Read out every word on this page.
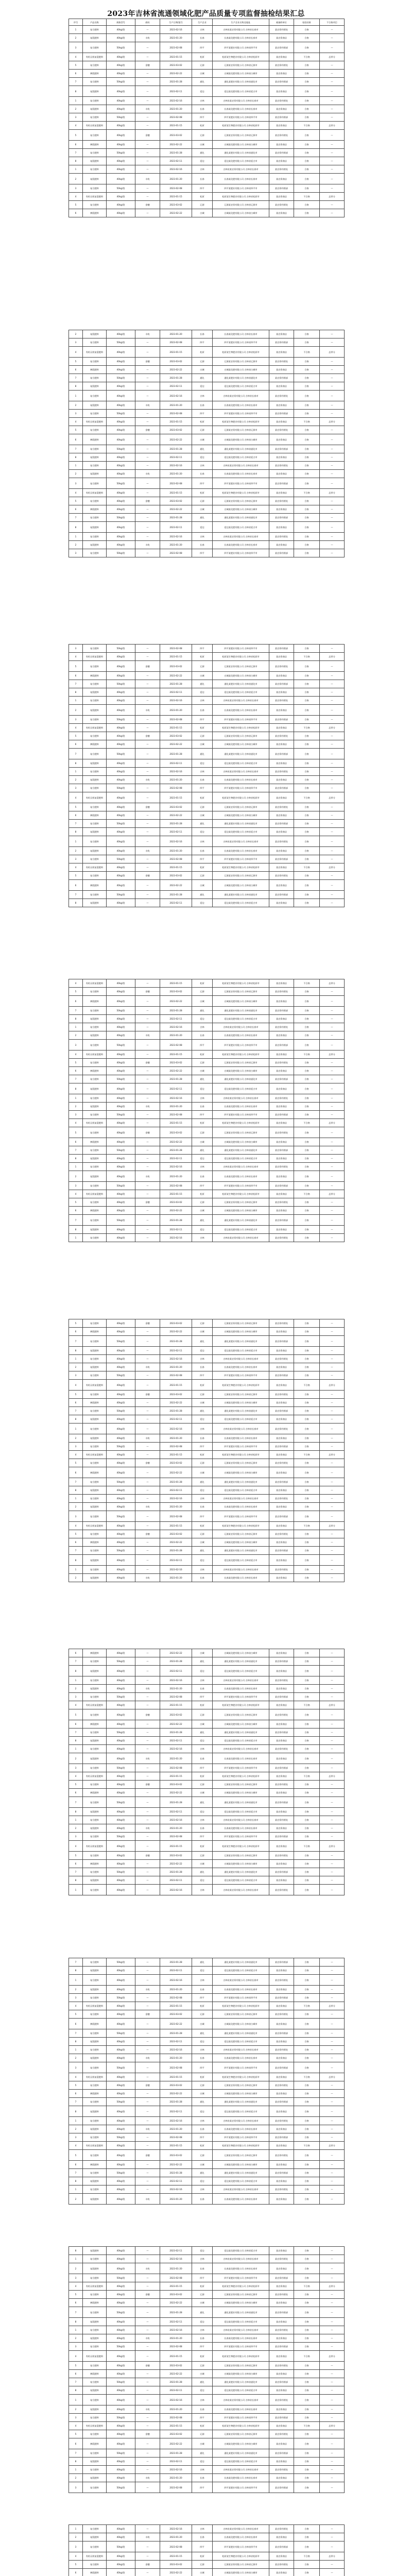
2023年吉林省流通领域化肥产品质量专项监督抽检结果汇总
序号	产品名称	规格型号	商标	生产日期/批号	生产企业	生产企业名称及地址	被抽样单位	检验结果	不合格项目
1	复合肥料	40kg/袋	—	2023-02-16	吉林	吉林省某农资有限公司 吉林省长春市	某农资经销处	合格	—
2	复混肥料	40kg/袋	丰收	2023-01-20	长春	长春某化肥有限公司 吉林省长春市	某农资商店	合格	—
3	复合肥料	50kg/袋	—	2023-02-08	四平	四平某肥业有限公司 吉林省四平市	某农资经销部	合格	—
4	有机无机复混肥料	40kg/袋	—	2023-01-15	松原	松原某生物肥业有限公司 吉林省松原市	某农资商店	不合格	总养分
5	复合肥料	40kg/袋	金穗	2023-03-02	辽源	辽源某农资有限公司 吉林省辽源市	某农资经销处	合格	—
6	掺混肥料	40kg/袋	—	2023-02-22	白城	白城某化肥有限公司 吉林省白城市	某农资商店	合格	—
7	复合肥料	50kg/袋	—	2023-01-28	通化	通化某肥业有限公司 吉林省通化市	某农资经销部	合格	—
8	复混肥料	40kg/袋	—	2023-02-11	延边	延边某化肥有限公司 吉林省延吉市	某农资商店	合格	—
1	复合肥料	40kg/袋	—	2023-02-16	吉林	吉林省某农资有限公司 吉林省长春市	某农资经销处	合格	—
2	复混肥料	40kg/袋	丰收	2023-01-20	长春	长春某化肥有限公司 吉林省长春市	某农资商店	合格	—
3	复合肥料	50kg/袋	—	2023-02-08	四平	四平某肥业有限公司 吉林省四平市	某农资经销部	合格	—
4	有机无机复混肥料	40kg/袋	—	2023-01-15	松原	松原某生物肥业有限公司 吉林省松原市	某农资商店	不合格	总养分
5	复合肥料	40kg/袋	金穗	2023-03-02	辽源	辽源某农资有限公司 吉林省辽源市	某农资经销处	合格	—
6	掺混肥料	40kg/袋	—	2023-02-22	白城	白城某化肥有限公司 吉林省白城市	某农资商店	合格	—
7	复合肥料	50kg/袋	—	2023-01-28	通化	通化某肥业有限公司 吉林省通化市	某农资经销部	合格	—
8	复混肥料	40kg/袋	—	2023-02-11	延边	延边某化肥有限公司 吉林省延吉市	某农资商店	合格	—
1	复合肥料	40kg/袋	—	2023-02-16	吉林	吉林省某农资有限公司 吉林省长春市	某农资经销处	合格	—
2	复混肥料	40kg/袋	丰收	2023-01-20	长春	长春某化肥有限公司 吉林省长春市	某农资商店	合格	—
3	复合肥料	50kg/袋	—	2023-02-08	四平	四平某肥业有限公司 吉林省四平市	某农资经销部	合格	—
4	有机无机复混肥料	40kg/袋	—	2023-01-15	松原	松原某生物肥业有限公司 吉林省松原市	某农资商店	不合格	总养分
5	复合肥料	40kg/袋	金穗	2023-03-02	辽源	辽源某农资有限公司 吉林省辽源市	某农资经销处	合格	—
6	掺混肥料	40kg/袋	—	2023-02-22	白城	白城某化肥有限公司 吉林省白城市	某农资商店	合格	—
2	复混肥料	40kg/袋	丰收	2023-01-20	长春	长春某化肥有限公司 吉林省长春市	某农资商店	合格	—
3	复合肥料	50kg/袋	—	2023-02-08	四平	四平某肥业有限公司 吉林省四平市	某农资经销部	合格	—
4	有机无机复混肥料	40kg/袋	—	2023-01-15	松原	松原某生物肥业有限公司 吉林省松原市	某农资商店	不合格	总养分
5	复合肥料	40kg/袋	金穗	2023-03-02	辽源	辽源某农资有限公司 吉林省辽源市	某农资经销处	合格	—
6	掺混肥料	40kg/袋	—	2023-02-22	白城	白城某化肥有限公司 吉林省白城市	某农资商店	合格	—
7	复合肥料	50kg/袋	—	2023-01-28	通化	通化某肥业有限公司 吉林省通化市	某农资经销部	合格	—
8	复混肥料	40kg/袋	—	2023-02-11	延边	延边某化肥有限公司 吉林省延吉市	某农资商店	合格	—
1	复合肥料	40kg/袋	—	2023-02-16	吉林	吉林省某农资有限公司 吉林省长春市	某农资经销处	合格	—
2	复混肥料	40kg/袋	丰收	2023-01-20	长春	长春某化肥有限公司 吉林省长春市	某农资商店	合格	—
3	复合肥料	50kg/袋	—	2023-02-08	四平	四平某肥业有限公司 吉林省四平市	某农资经销部	合格	—
4	有机无机复混肥料	40kg/袋	—	2023-01-15	松原	松原某生物肥业有限公司 吉林省松原市	某农资商店	不合格	总养分
5	复合肥料	40kg/袋	金穗	2023-03-02	辽源	辽源某农资有限公司 吉林省辽源市	某农资经销处	合格	—
6	掺混肥料	40kg/袋	—	2023-02-22	白城	白城某化肥有限公司 吉林省白城市	某农资商店	合格	—
7	复合肥料	50kg/袋	—	2023-01-28	通化	通化某肥业有限公司 吉林省通化市	某农资经销部	合格	—
8	复混肥料	40kg/袋	—	2023-02-11	延边	延边某化肥有限公司 吉林省延吉市	某农资商店	合格	—
1	复合肥料	40kg/袋	—	2023-02-16	吉林	吉林省某农资有限公司 吉林省长春市	某农资经销处	合格	—
2	复混肥料	40kg/袋	丰收	2023-01-20	长春	长春某化肥有限公司 吉林省长春市	某农资商店	合格	—
3	复合肥料	50kg/袋	—	2023-02-08	四平	四平某肥业有限公司 吉林省四平市	某农资经销部	合格	—
4	有机无机复混肥料	40kg/袋	—	2023-01-15	松原	松原某生物肥业有限公司 吉林省松原市	某农资商店	不合格	总养分
5	复合肥料	40kg/袋	金穗	2023-03-02	辽源	辽源某农资有限公司 吉林省辽源市	某农资经销处	合格	—
6	掺混肥料	40kg/袋	—	2023-02-22	白城	白城某化肥有限公司 吉林省白城市	某农资商店	合格	—
7	复合肥料	50kg/袋	—	2023-01-28	通化	通化某肥业有限公司 吉林省通化市	某农资经销部	合格	—
8	复混肥料	40kg/袋	—	2023-02-11	延边	延边某化肥有限公司 吉林省延吉市	某农资商店	合格	—
1	复合肥料	40kg/袋	—	2023-02-16	吉林	吉林省某农资有限公司 吉林省长春市	某农资经销处	合格	—
2	复混肥料	40kg/袋	丰收	2023-01-20	长春	长春某化肥有限公司 吉林省长春市	某农资商店	合格	—
3	复合肥料	50kg/袋	—	2023-02-08	四平	四平某肥业有限公司 吉林省四平市	某农资经销部	合格	—
3	复合肥料	50kg/袋	—	2023-02-08	四平	四平某肥业有限公司 吉林省四平市	某农资经销部	合格	—
4	有机无机复混肥料	40kg/袋	—	2023-01-15	松原	松原某生物肥业有限公司 吉林省松原市	某农资商店	不合格	总养分
5	复合肥料	40kg/袋	金穗	2023-03-02	辽源	辽源某农资有限公司 吉林省辽源市	某农资经销处	合格	—
6	掺混肥料	40kg/袋	—	2023-02-22	白城	白城某化肥有限公司 吉林省白城市	某农资商店	合格	—
7	复合肥料	50kg/袋	—	2023-01-28	通化	通化某肥业有限公司 吉林省通化市	某农资经销部	合格	—
8	复混肥料	40kg/袋	—	2023-02-11	延边	延边某化肥有限公司 吉林省延吉市	某农资商店	合格	—
1	复合肥料	40kg/袋	—	2023-02-16	吉林	吉林省某农资有限公司 吉林省长春市	某农资经销处	合格	—
2	复混肥料	40kg/袋	丰收	2023-01-20	长春	长春某化肥有限公司 吉林省长春市	某农资商店	合格	—
3	复合肥料	50kg/袋	—	2023-02-08	四平	四平某肥业有限公司 吉林省四平市	某农资经销部	合格	—
4	有机无机复混肥料	40kg/袋	—	2023-01-15	松原	松原某生物肥业有限公司 吉林省松原市	某农资商店	不合格	总养分
5	复合肥料	40kg/袋	金穗	2023-03-02	辽源	辽源某农资有限公司 吉林省辽源市	某农资经销处	合格	—
6	掺混肥料	40kg/袋	—	2023-02-22	白城	白城某化肥有限公司 吉林省白城市	某农资商店	合格	—
7	复合肥料	50kg/袋	—	2023-01-28	通化	通化某肥业有限公司 吉林省通化市	某农资经销部	合格	—
8	复混肥料	40kg/袋	—	2023-02-11	延边	延边某化肥有限公司 吉林省延吉市	某农资商店	合格	—
1	复合肥料	40kg/袋	—	2023-02-16	吉林	吉林省某农资有限公司 吉林省长春市	某农资经销处	合格	—
2	复混肥料	40kg/袋	丰收	2023-01-20	长春	长春某化肥有限公司 吉林省长春市	某农资商店	合格	—
3	复合肥料	50kg/袋	—	2023-02-08	四平	四平某肥业有限公司 吉林省四平市	某农资经销部	合格	—
4	有机无机复混肥料	40kg/袋	—	2023-01-15	松原	松原某生物肥业有限公司 吉林省松原市	某农资商店	不合格	总养分
5	复合肥料	40kg/袋	金穗	2023-03-02	辽源	辽源某农资有限公司 吉林省辽源市	某农资经销处	合格	—
6	掺混肥料	40kg/袋	—	2023-02-22	白城	白城某化肥有限公司 吉林省白城市	某农资商店	合格	—
7	复合肥料	50kg/袋	—	2023-01-28	通化	通化某肥业有限公司 吉林省通化市	某农资经销部	合格	—
8	复混肥料	40kg/袋	—	2023-02-11	延边	延边某化肥有限公司 吉林省延吉市	某农资商店	合格	—
1	复合肥料	40kg/袋	—	2023-02-16	吉林	吉林省某农资有限公司 吉林省长春市	某农资经销处	合格	—
2	复混肥料	40kg/袋	丰收	2023-01-20	长春	长春某化肥有限公司 吉林省长春市	某农资商店	合格	—
3	复合肥料	50kg/袋	—	2023-02-08	四平	四平某肥业有限公司 吉林省四平市	某农资经销部	合格	—
4	有机无机复混肥料	40kg/袋	—	2023-01-15	松原	松原某生物肥业有限公司 吉林省松原市	某农资商店	不合格	总养分
5	复合肥料	40kg/袋	金穗	2023-03-02	辽源	辽源某农资有限公司 吉林省辽源市	某农资经销处	合格	—
6	掺混肥料	40kg/袋	—	2023-02-22	白城	白城某化肥有限公司 吉林省白城市	某农资商店	合格	—
7	复合肥料	50kg/袋	—	2023-01-28	通化	通化某肥业有限公司 吉林省通化市	某农资经销部	合格	—
8	复混肥料	40kg/袋	—	2023-02-11	延边	延边某化肥有限公司 吉林省延吉市	某农资商店	合格	—
4	有机无机复混肥料	40kg/袋	—	2023-01-15	松原	松原某生物肥业有限公司 吉林省松原市	某农资商店	不合格	总养分
5	复合肥料	40kg/袋	金穗	2023-03-02	辽源	辽源某农资有限公司 吉林省辽源市	某农资经销处	合格	—
6	掺混肥料	40kg/袋	—	2023-02-22	白城	白城某化肥有限公司 吉林省白城市	某农资商店	合格	—
7	复合肥料	50kg/袋	—	2023-01-28	通化	通化某肥业有限公司 吉林省通化市	某农资经销部	合格	—
8	复混肥料	40kg/袋	—	2023-02-11	延边	延边某化肥有限公司 吉林省延吉市	某农资商店	合格	—
1	复合肥料	40kg/袋	—	2023-02-16	吉林	吉林省某农资有限公司 吉林省长春市	某农资经销处	合格	—
2	复混肥料	40kg/袋	丰收	2023-01-20	长春	长春某化肥有限公司 吉林省长春市	某农资商店	合格	—
3	复合肥料	50kg/袋	—	2023-02-08	四平	四平某肥业有限公司 吉林省四平市	某农资经销部	合格	—
4	有机无机复混肥料	40kg/袋	—	2023-01-15	松原	松原某生物肥业有限公司 吉林省松原市	某农资商店	不合格	总养分
5	复合肥料	40kg/袋	金穗	2023-03-02	辽源	辽源某农资有限公司 吉林省辽源市	某农资经销处	合格	—
6	掺混肥料	40kg/袋	—	2023-02-22	白城	白城某化肥有限公司 吉林省白城市	某农资商店	合格	—
7	复合肥料	50kg/袋	—	2023-01-28	通化	通化某肥业有限公司 吉林省通化市	某农资经销部	合格	—
8	复混肥料	40kg/袋	—	2023-02-11	延边	延边某化肥有限公司 吉林省延吉市	某农资商店	合格	—
1	复合肥料	40kg/袋	—	2023-02-16	吉林	吉林省某农资有限公司 吉林省长春市	某农资经销处	合格	—
2	复混肥料	40kg/袋	丰收	2023-01-20	长春	长春某化肥有限公司 吉林省长春市	某农资商店	合格	—
3	复合肥料	50kg/袋	—	2023-02-08	四平	四平某肥业有限公司 吉林省四平市	某农资经销部	合格	—
4	有机无机复混肥料	40kg/袋	—	2023-01-15	松原	松原某生物肥业有限公司 吉林省松原市	某农资商店	不合格	总养分
5	复合肥料	40kg/袋	金穗	2023-03-02	辽源	辽源某农资有限公司 吉林省辽源市	某农资经销处	合格	—
6	掺混肥料	40kg/袋	—	2023-02-22	白城	白城某化肥有限公司 吉林省白城市	某农资商店	合格	—
7	复合肥料	50kg/袋	—	2023-01-28	通化	通化某肥业有限公司 吉林省通化市	某农资经销部	合格	—
8	复混肥料	40kg/袋	—	2023-02-11	延边	延边某化肥有限公司 吉林省延吉市	某农资商店	合格	—
1	复合肥料	40kg/袋	—	2023-02-16	吉林	吉林省某农资有限公司 吉林省长春市	某农资经销处	合格	—
2	复混肥料	40kg/袋	丰收	2023-01-20	长春	长春某化肥有限公司 吉林省长春市	某农资商店	合格	—
3	复合肥料	50kg/袋	—	2023-02-08	四平	四平某肥业有限公司 吉林省四平市	某农资经销部	合格	—
4	有机无机复混肥料	40kg/袋	—	2023-01-15	松原	松原某生物肥业有限公司 吉林省松原市	某农资商店	不合格	总养分
5	复合肥料	40kg/袋	金穗	2023-03-02	辽源	辽源某农资有限公司 吉林省辽源市	某农资经销处	合格	—
6	掺混肥料	40kg/袋	—	2023-02-22	白城	白城某化肥有限公司 吉林省白城市	某农资商店	合格	—
7	复合肥料	50kg/袋	—	2023-01-28	通化	通化某肥业有限公司 吉林省通化市	某农资经销部	合格	—
8	复混肥料	40kg/袋	—	2023-02-11	延边	延边某化肥有限公司 吉林省延吉市	某农资商店	合格	—
1	复合肥料	40kg/袋	—	2023-02-16	吉林	吉林省某农资有限公司 吉林省长春市	某农资经销处	合格	—
5	复合肥料	40kg/袋	金穗	2023-03-02	辽源	辽源某农资有限公司 吉林省辽源市	某农资经销处	合格	—
6	掺混肥料	40kg/袋	—	2023-02-22	白城	白城某化肥有限公司 吉林省白城市	某农资商店	合格	—
7	复合肥料	50kg/袋	—	2023-01-28	通化	通化某肥业有限公司 吉林省通化市	某农资经销部	合格	—
8	复混肥料	40kg/袋	—	2023-02-11	延边	延边某化肥有限公司 吉林省延吉市	某农资商店	合格	—
1	复合肥料	40kg/袋	—	2023-02-16	吉林	吉林省某农资有限公司 吉林省长春市	某农资经销处	合格	—
2	复混肥料	40kg/袋	丰收	2023-01-20	长春	长春某化肥有限公司 吉林省长春市	某农资商店	合格	—
3	复合肥料	50kg/袋	—	2023-02-08	四平	四平某肥业有限公司 吉林省四平市	某农资经销部	合格	—
4	有机无机复混肥料	40kg/袋	—	2023-01-15	松原	松原某生物肥业有限公司 吉林省松原市	某农资商店	不合格	总养分
5	复合肥料	40kg/袋	金穗	2023-03-02	辽源	辽源某农资有限公司 吉林省辽源市	某农资经销处	合格	—
6	掺混肥料	40kg/袋	—	2023-02-22	白城	白城某化肥有限公司 吉林省白城市	某农资商店	合格	—
7	复合肥料	50kg/袋	—	2023-01-28	通化	通化某肥业有限公司 吉林省通化市	某农资经销部	合格	—
8	复混肥料	40kg/袋	—	2023-02-11	延边	延边某化肥有限公司 吉林省延吉市	某农资商店	合格	—
1	复合肥料	40kg/袋	—	2023-02-16	吉林	吉林省某农资有限公司 吉林省长春市	某农资经销处	合格	—
2	复混肥料	40kg/袋	丰收	2023-01-20	长春	长春某化肥有限公司 吉林省长春市	某农资商店	合格	—
3	复合肥料	50kg/袋	—	2023-02-08	四平	四平某肥业有限公司 吉林省四平市	某农资经销部	合格	—
4	有机无机复混肥料	40kg/袋	—	2023-01-15	松原	松原某生物肥业有限公司 吉林省松原市	某农资商店	不合格	总养分
5	复合肥料	40kg/袋	金穗	2023-03-02	辽源	辽源某农资有限公司 吉林省辽源市	某农资经销处	合格	—
6	掺混肥料	40kg/袋	—	2023-02-22	白城	白城某化肥有限公司 吉林省白城市	某农资商店	合格	—
7	复合肥料	50kg/袋	—	2023-01-28	通化	通化某肥业有限公司 吉林省通化市	某农资经销部	合格	—
8	复混肥料	40kg/袋	—	2023-02-11	延边	延边某化肥有限公司 吉林省延吉市	某农资商店	合格	—
1	复合肥料	40kg/袋	—	2023-02-16	吉林	吉林省某农资有限公司 吉林省长春市	某农资经销处	合格	—
2	复混肥料	40kg/袋	丰收	2023-01-20	长春	长春某化肥有限公司 吉林省长春市	某农资商店	合格	—
3	复合肥料	50kg/袋	—	2023-02-08	四平	四平某肥业有限公司 吉林省四平市	某农资经销部	合格	—
4	有机无机复混肥料	40kg/袋	—	2023-01-15	松原	松原某生物肥业有限公司 吉林省松原市	某农资商店	不合格	总养分
5	复合肥料	40kg/袋	金穗	2023-03-02	辽源	辽源某农资有限公司 吉林省辽源市	某农资经销处	合格	—
6	掺混肥料	40kg/袋	—	2023-02-22	白城	白城某化肥有限公司 吉林省白城市	某农资商店	合格	—
7	复合肥料	50kg/袋	—	2023-01-28	通化	通化某肥业有限公司 吉林省通化市	某农资经销部	合格	—
8	复混肥料	40kg/袋	—	2023-02-11	延边	延边某化肥有限公司 吉林省延吉市	某农资商店	合格	—
1	复合肥料	40kg/袋	—	2023-02-16	吉林	吉林省某农资有限公司 吉林省长春市	某农资经销处	合格	—
2	复混肥料	40kg/袋	丰收	2023-01-20	长春	长春某化肥有限公司 吉林省长春市	某农资商店	合格	—
6	掺混肥料	40kg/袋	—	2023-02-22	白城	白城某化肥有限公司 吉林省白城市	某农资商店	合格	—
7	复合肥料	50kg/袋	—	2023-01-28	通化	通化某肥业有限公司 吉林省通化市	某农资经销部	合格	—
8	复混肥料	40kg/袋	—	2023-02-11	延边	延边某化肥有限公司 吉林省延吉市	某农资商店	合格	—
1	复合肥料	40kg/袋	—	2023-02-16	吉林	吉林省某农资有限公司 吉林省长春市	某农资经销处	合格	—
2	复混肥料	40kg/袋	丰收	2023-01-20	长春	长春某化肥有限公司 吉林省长春市	某农资商店	合格	—
3	复合肥料	50kg/袋	—	2023-02-08	四平	四平某肥业有限公司 吉林省四平市	某农资经销部	合格	—
4	有机无机复混肥料	40kg/袋	—	2023-01-15	松原	松原某生物肥业有限公司 吉林省松原市	某农资商店	不合格	总养分
5	复合肥料	40kg/袋	金穗	2023-03-02	辽源	辽源某农资有限公司 吉林省辽源市	某农资经销处	合格	—
6	掺混肥料	40kg/袋	—	2023-02-22	白城	白城某化肥有限公司 吉林省白城市	某农资商店	合格	—
7	复合肥料	50kg/袋	—	2023-01-28	通化	通化某肥业有限公司 吉林省通化市	某农资经销部	合格	—
8	复混肥料	40kg/袋	—	2023-02-11	延边	延边某化肥有限公司 吉林省延吉市	某农资商店	合格	—
1	复合肥料	40kg/袋	—	2023-02-16	吉林	吉林省某农资有限公司 吉林省长春市	某农资经销处	合格	—
2	复混肥料	40kg/袋	丰收	2023-01-20	长春	长春某化肥有限公司 吉林省长春市	某农资商店	合格	—
3	复合肥料	50kg/袋	—	2023-02-08	四平	四平某肥业有限公司 吉林省四平市	某农资经销部	合格	—
4	有机无机复混肥料	40kg/袋	—	2023-01-15	松原	松原某生物肥业有限公司 吉林省松原市	某农资商店	不合格	总养分
5	复合肥料	40kg/袋	金穗	2023-03-02	辽源	辽源某农资有限公司 吉林省辽源市	某农资经销处	合格	—
6	掺混肥料	40kg/袋	—	2023-02-22	白城	白城某化肥有限公司 吉林省白城市	某农资商店	合格	—
7	复合肥料	50kg/袋	—	2023-01-28	通化	通化某肥业有限公司 吉林省通化市	某农资经销部	合格	—
8	复混肥料	40kg/袋	—	2023-02-11	延边	延边某化肥有限公司 吉林省延吉市	某农资商店	合格	—
1	复合肥料	40kg/袋	—	2023-02-16	吉林	吉林省某农资有限公司 吉林省长春市	某农资经销处	合格	—
2	复混肥料	40kg/袋	丰收	2023-01-20	长春	长春某化肥有限公司 吉林省长春市	某农资商店	合格	—
3	复合肥料	50kg/袋	—	2023-02-08	四平	四平某肥业有限公司 吉林省四平市	某农资经销部	合格	—
4	有机无机复混肥料	40kg/袋	—	2023-01-15	松原	松原某生物肥业有限公司 吉林省松原市	某农资商店	不合格	总养分
5	复合肥料	40kg/袋	金穗	2023-03-02	辽源	辽源某农资有限公司 吉林省辽源市	某农资经销处	合格	—
6	掺混肥料	40kg/袋	—	2023-02-22	白城	白城某化肥有限公司 吉林省白城市	某农资商店	合格	—
7	复合肥料	50kg/袋	—	2023-01-28	通化	通化某肥业有限公司 吉林省通化市	某农资经销部	合格	—
8	复混肥料	40kg/袋	—	2023-02-11	延边	延边某化肥有限公司 吉林省延吉市	某农资商店	合格	—
1	复合肥料	40kg/袋	—	2023-02-16	吉林	吉林省某农资有限公司 吉林省长春市	某农资经销处	合格	—
7	复合肥料	50kg/袋	—	2023-01-28	通化	通化某肥业有限公司 吉林省通化市	某农资经销部	合格	—
8	复混肥料	40kg/袋	—	2023-02-11	延边	延边某化肥有限公司 吉林省延吉市	某农资商店	合格	—
1	复合肥料	40kg/袋	—	2023-02-16	吉林	吉林省某农资有限公司 吉林省长春市	某农资经销处	合格	—
2	复混肥料	40kg/袋	丰收	2023-01-20	长春	长春某化肥有限公司 吉林省长春市	某农资商店	合格	—
3	复合肥料	50kg/袋	—	2023-02-08	四平	四平某肥业有限公司 吉林省四平市	某农资经销部	合格	—
4	有机无机复混肥料	40kg/袋	—	2023-01-15	松原	松原某生物肥业有限公司 吉林省松原市	某农资商店	不合格	总养分
5	复合肥料	40kg/袋	金穗	2023-03-02	辽源	辽源某农资有限公司 吉林省辽源市	某农资经销处	合格	—
6	掺混肥料	40kg/袋	—	2023-02-22	白城	白城某化肥有限公司 吉林省白城市	某农资商店	合格	—
7	复合肥料	50kg/袋	—	2023-01-28	通化	通化某肥业有限公司 吉林省通化市	某农资经销部	合格	—
8	复混肥料	40kg/袋	—	2023-02-11	延边	延边某化肥有限公司 吉林省延吉市	某农资商店	合格	—
1	复合肥料	40kg/袋	—	2023-02-16	吉林	吉林省某农资有限公司 吉林省长春市	某农资经销处	合格	—
2	复混肥料	40kg/袋	丰收	2023-01-20	长春	长春某化肥有限公司 吉林省长春市	某农资商店	合格	—
3	复合肥料	50kg/袋	—	2023-02-08	四平	四平某肥业有限公司 吉林省四平市	某农资经销部	合格	—
4	有机无机复混肥料	40kg/袋	—	2023-01-15	松原	松原某生物肥业有限公司 吉林省松原市	某农资商店	不合格	总养分
5	复合肥料	40kg/袋	金穗	2023-03-02	辽源	辽源某农资有限公司 吉林省辽源市	某农资经销处	合格	—
6	掺混肥料	40kg/袋	—	2023-02-22	白城	白城某化肥有限公司 吉林省白城市	某农资商店	合格	—
7	复合肥料	50kg/袋	—	2023-01-28	通化	通化某肥业有限公司 吉林省通化市	某农资经销部	合格	—
8	复混肥料	40kg/袋	—	2023-02-11	延边	延边某化肥有限公司 吉林省延吉市	某农资商店	合格	—
1	复合肥料	40kg/袋	—	2023-02-16	吉林	吉林省某农资有限公司 吉林省长春市	某农资经销处	合格	—
2	复混肥料	40kg/袋	丰收	2023-01-20	长春	长春某化肥有限公司 吉林省长春市	某农资商店	合格	—
3	复合肥料	50kg/袋	—	2023-02-08	四平	四平某肥业有限公司 吉林省四平市	某农资经销部	合格	—
4	有机无机复混肥料	40kg/袋	—	2023-01-15	松原	松原某生物肥业有限公司 吉林省松原市	某农资商店	不合格	总养分
5	复合肥料	40kg/袋	金穗	2023-03-02	辽源	辽源某农资有限公司 吉林省辽源市	某农资经销处	合格	—
6	掺混肥料	40kg/袋	—	2023-02-22	白城	白城某化肥有限公司 吉林省白城市	某农资商店	合格	—
7	复合肥料	50kg/袋	—	2023-01-28	通化	通化某肥业有限公司 吉林省通化市	某农资经销部	合格	—
8	复混肥料	40kg/袋	—	2023-02-11	延边	延边某化肥有限公司 吉林省延吉市	某农资商店	合格	—
1	复合肥料	40kg/袋	—	2023-02-16	吉林	吉林省某农资有限公司 吉林省长春市	某农资经销处	合格	—
2	复混肥料	40kg/袋	丰收	2023-01-20	长春	长春某化肥有限公司 吉林省长春市	某农资商店	合格	—
8	复混肥料	40kg/袋	—	2023-02-11	延边	延边某化肥有限公司 吉林省延吉市	某农资商店	合格	—
1	复合肥料	40kg/袋	—	2023-02-16	吉林	吉林省某农资有限公司 吉林省长春市	某农资经销处	合格	—
2	复混肥料	40kg/袋	丰收	2023-01-20	长春	长春某化肥有限公司 吉林省长春市	某农资商店	合格	—
3	复合肥料	50kg/袋	—	2023-02-08	四平	四平某肥业有限公司 吉林省四平市	某农资经销部	合格	—
4	有机无机复混肥料	40kg/袋	—	2023-01-15	松原	松原某生物肥业有限公司 吉林省松原市	某农资商店	不合格	总养分
5	复合肥料	40kg/袋	金穗	2023-03-02	辽源	辽源某农资有限公司 吉林省辽源市	某农资经销处	合格	—
6	掺混肥料	40kg/袋	—	2023-02-22	白城	白城某化肥有限公司 吉林省白城市	某农资商店	合格	—
7	复合肥料	50kg/袋	—	2023-01-28	通化	通化某肥业有限公司 吉林省通化市	某农资经销部	合格	—
8	复混肥料	40kg/袋	—	2023-02-11	延边	延边某化肥有限公司 吉林省延吉市	某农资商店	合格	—
1	复合肥料	40kg/袋	—	2023-02-16	吉林	吉林省某农资有限公司 吉林省长春市	某农资经销处	合格	—
2	复混肥料	40kg/袋	丰收	2023-01-20	长春	长春某化肥有限公司 吉林省长春市	某农资商店	合格	—
3	复合肥料	50kg/袋	—	2023-02-08	四平	四平某肥业有限公司 吉林省四平市	某农资经销部	合格	—
4	有机无机复混肥料	40kg/袋	—	2023-01-15	松原	松原某生物肥业有限公司 吉林省松原市	某农资商店	不合格	总养分
5	复合肥料	40kg/袋	金穗	2023-03-02	辽源	辽源某农资有限公司 吉林省辽源市	某农资经销处	合格	—
6	掺混肥料	40kg/袋	—	2023-02-22	白城	白城某化肥有限公司 吉林省白城市	某农资商店	合格	—
7	复合肥料	50kg/袋	—	2023-01-28	通化	通化某肥业有限公司 吉林省通化市	某农资经销部	合格	—
8	复混肥料	40kg/袋	—	2023-02-11	延边	延边某化肥有限公司 吉林省延吉市	某农资商店	合格	—
1	复合肥料	40kg/袋	—	2023-02-16	吉林	吉林省某农资有限公司 吉林省长春市	某农资经销处	合格	—
2	复混肥料	40kg/袋	丰收	2023-01-20	长春	长春某化肥有限公司 吉林省长春市	某农资商店	合格	—
3	复合肥料	50kg/袋	—	2023-02-08	四平	四平某肥业有限公司 吉林省四平市	某农资经销部	合格	—
4	有机无机复混肥料	40kg/袋	—	2023-01-15	松原	松原某生物肥业有限公司 吉林省松原市	某农资商店	不合格	总养分
5	复合肥料	40kg/袋	金穗	2023-03-02	辽源	辽源某农资有限公司 吉林省辽源市	某农资经销处	合格	—
6	掺混肥料	40kg/袋	—	2023-02-22	白城	白城某化肥有限公司 吉林省白城市	某农资商店	合格	—
7	复合肥料	50kg/袋	—	2023-01-28	通化	通化某肥业有限公司 吉林省通化市	某农资经销部	合格	—
8	复混肥料	40kg/袋	—	2023-02-11	延边	延边某化肥有限公司 吉林省延吉市	某农资商店	合格	—
1	复合肥料	40kg/袋	—	2023-02-16	吉林	吉林省某农资有限公司 吉林省长春市	某农资经销处	合格	—
2	复混肥料	40kg/袋	丰收	2023-01-20	长春	长春某化肥有限公司 吉林省长春市	某农资商店	合格	—
3	复合肥料	50kg/袋	—	2023-02-08	四平	四平某肥业有限公司 吉林省四平市	某农资经销部	合格	—
1	复合肥料	40kg/袋	—	2023-02-16	吉林	吉林省某农资有限公司 吉林省长春市	某农资经销处	合格	—
2	复混肥料	40kg/袋	丰收	2023-01-20	长春	长春某化肥有限公司 吉林省长春市	某农资商店	合格	—
3	复合肥料	50kg/袋	—	2023-02-08	四平	四平某肥业有限公司 吉林省四平市	某农资经销部	合格	—
4	有机无机复混肥料	40kg/袋	—	2023-01-15	松原	松原某生物肥业有限公司 吉林省松原市	某农资商店	不合格	总养分
5	复合肥料	40kg/袋	金穗	2023-03-02	辽源	辽源某农资有限公司 吉林省辽源市	某农资经销处	合格	—
6	掺混肥料	40kg/袋	—	2023-02-22	白城	白城某化肥有限公司 吉林省白城市	某农资商店	合格	—
